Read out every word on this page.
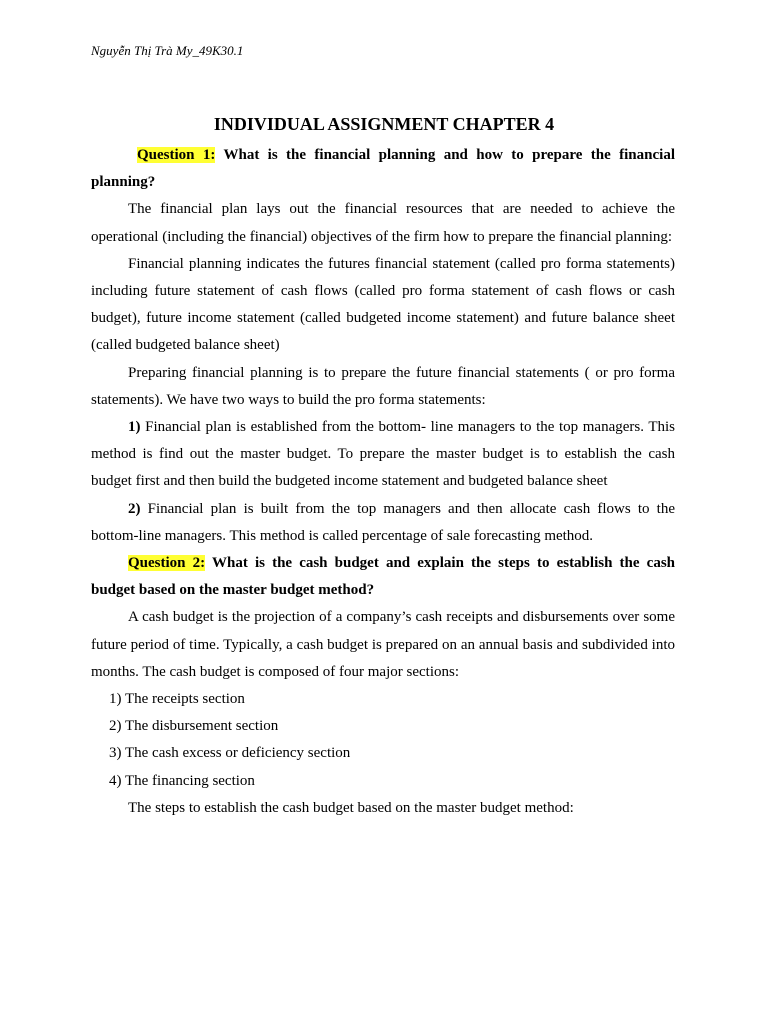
Nguyễn Thị Trà My_49K30.1
INDIVIDUAL ASSIGNMENT CHAPTER 4

Question 1: What is the financial planning and how to prepare the financial planning?

The financial plan lays out the financial resources that are needed to achieve the operational (including the financial) objectives of the firm how to prepare the financial planning:

Financial planning indicates the futures financial statement (called pro forma statements) including future statement of cash flows (called pro forma statement of cash flows or cash budget), future income statement (called budgeted income statement) and future balance sheet (called budgeted balance sheet)

Preparing financial planning is to prepare the future financial statements ( or pro forma statements). We have two ways to build the pro forma statements:

1) Financial plan is established from the bottom- line managers to the top managers. This method is find out the master budget. To prepare the master budget is to establish the cash budget first and then build the budgeted income statement and budgeted balance sheet

2) Financial plan is built from the top managers and then allocate cash flows to the bottom-line managers. This method is called percentage of sale forecasting method.

Question 2: What is the cash budget and explain the steps to establish the cash budget based on the master budget method?

A cash budget is the projection of a company’s cash receipts and disbursements over some future period of time. Typically, a cash budget is prepared on an annual basis and subdivided into months. The cash budget is composed of four major sections:

1) The receipts section

2) The disbursement section

3) The cash excess or deficiency section

4) The financing section

The steps to establish the cash budget based on the master budget method:
